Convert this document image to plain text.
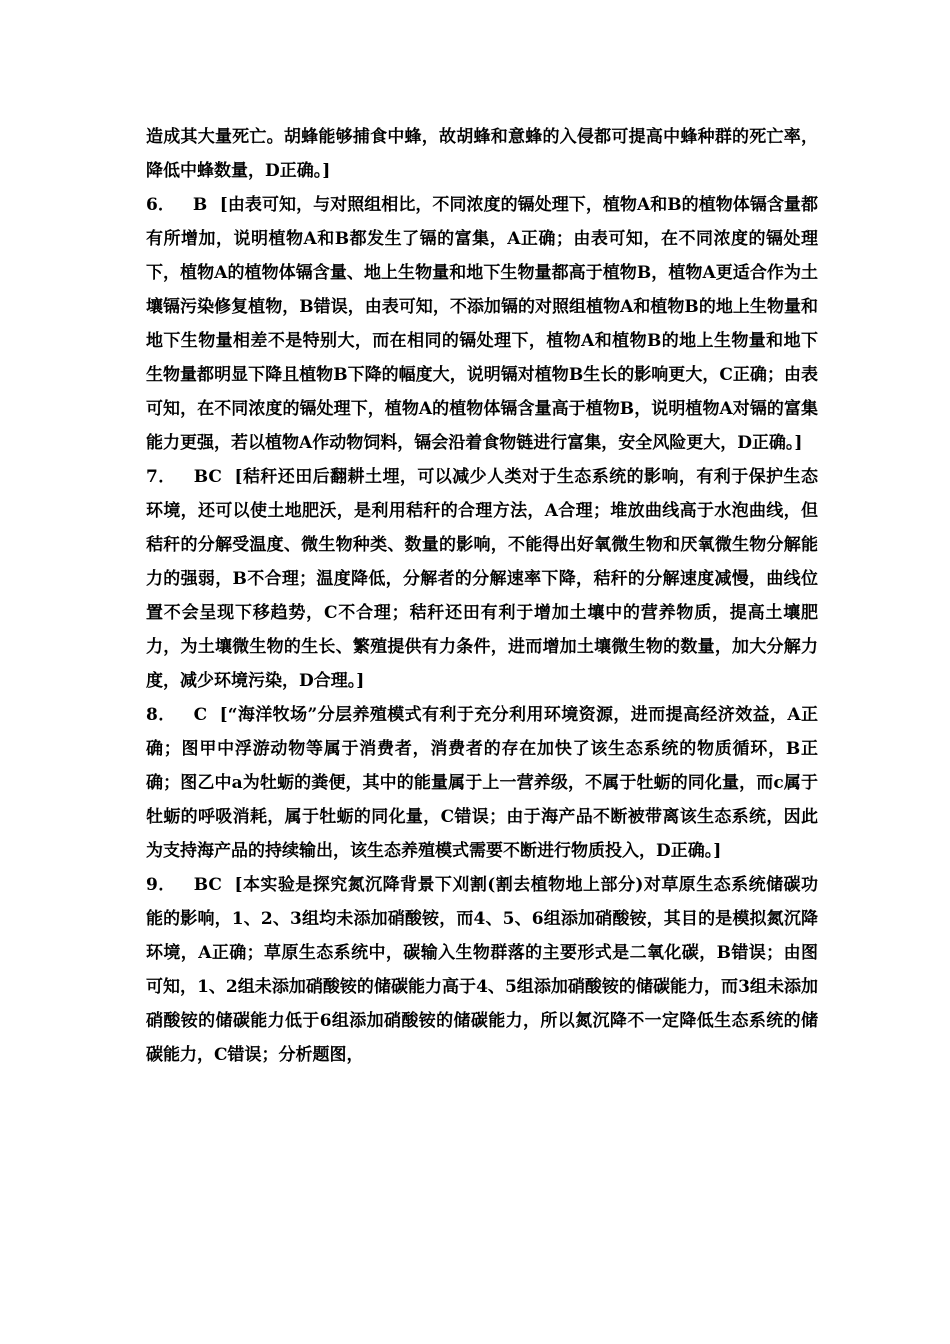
造成其大量死亡。胡蜂能够捕食中蜂，故胡蜂和意蜂的入侵都可提高中蜂种群的死亡率，降低中蜂数量，D正确。]

6． B  [由表可知，与对照组相比，不同浓度的镉处理下，植物A和B的植物体镉含量都有所增加，说明植物A和B都发生了镉的富集，A正确；由表可知，在不同浓度的镉处理下，植物A的植物体镉含量、地上生物量和地下生物量都高于植物B，植物A更适合作为土壤镉污染修复植物，B错误，由表可知，不添加镉的对照组植物A和植物B的地上生物量和地下生物量相差不是特别大，而在相同的镉处理下，植物A和植物B的地上生物量和地下生物量都明显下降且植物B下降的幅度大，说明镉对植物B生长的影响更大，C正确；由表可知，在不同浓度的镉处理下，植物A的植物体镉含量高于植物B，说明植物A对镉的富集能力更强，若以植物A作动物饲料，镉会沿着食物链进行富集，安全风险更大，D正确。]

7． BC  [秸秆还田后翻耕土埋，可以减少人类对于生态系统的影响，有利于保护生态环境，还可以使土地肥沃，是利用秸秆的合理方法，A合理；堆放曲线高于水泡曲线，但秸秆的分解受温度、微生物种类、数量的影响，不能得出好氧微生物和厌氧微生物分解能力的强弱，B不合理；温度降低，分解者的分解速率下降，秸秆的分解速度减慢，曲线位置不会呈现下移趋势，C不合理；秸秆还田有利于增加土壤中的营养物质，提高土壤肥力，为土壤微生物的生长、繁殖提供有力条件，进而增加土壤微生物的数量，加大分解力度，减少环境污染，D合理。]

8． C  [“海洋牧场”分层养殖模式有利于充分利用环境资源，进而提高经济效益，A正确；图甲中浮游动物等属于消费者，消费者的存在加快了该生态系统的物质循环，B正确；图乙中a为牡蛎的粪便，其中的能量属于上一营养级，不属于牡蛎的同化量，而c属于牡蛎的呼吸消耗，属于牡蛎的同化量，C错误；由于海产品不断被带离该生态系统，因此为支持海产品的持续输出，该生态养殖模式需要不断进行物质投入，D正确。]

9． BC  [本实验是探究氮沉降背景下刈割(割去植物地上部分)对草原生态系统储碳功能的影响，1、2、3组均未添加硝酸铵，而4、5、6组添加硝酸铵，其目的是模拟氮沉降环境，A正确；草原生态系统中，碳输入生物群落的主要形式是二氧化碳，B错误；由图可知，1、2组未添加硝酸铵的储碳能力高于4、5组添加硝酸铵的储碳能力，而3组未添加硝酸铵的储碳能力低于6组添加硝酸铵的储碳能力，所以氮沉降不一定降低生态系统的储碳能力，C错误；分析题图，
